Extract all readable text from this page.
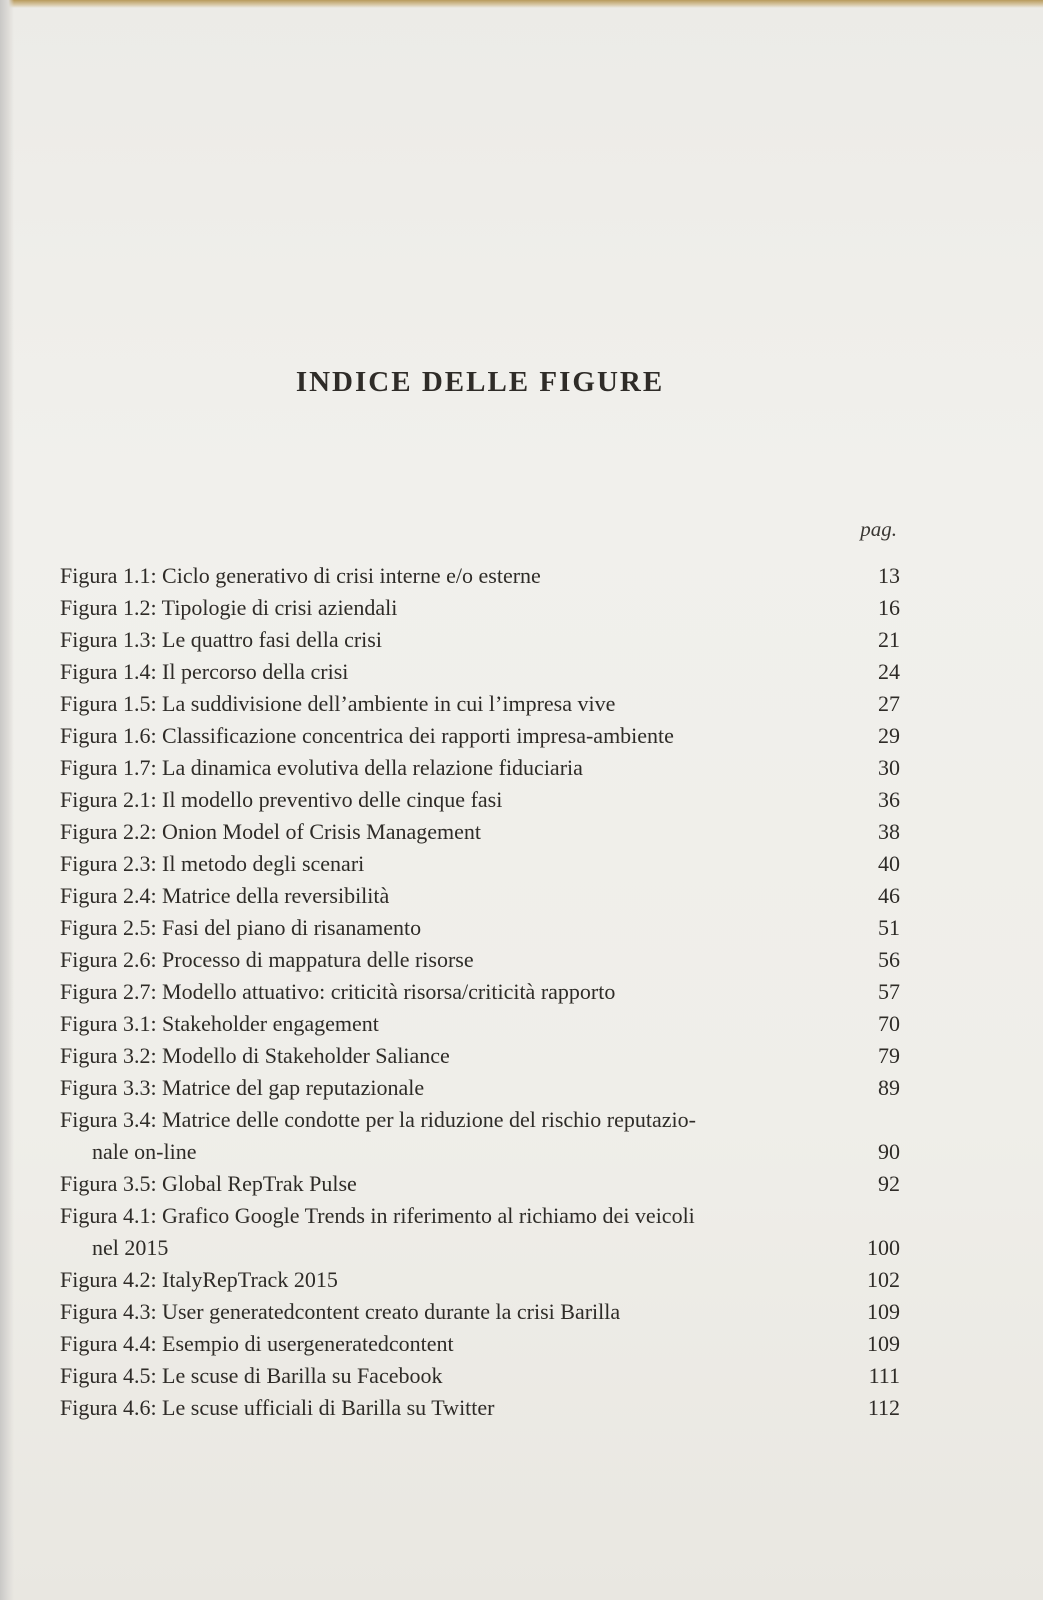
INDICE DELLE FIGURE
pag.
Figura 1.1: Ciclo generativo di crisi interne e/o esterne	13
Figura 1.2: Tipologie di crisi aziendali	16
Figura 1.3: Le quattro fasi della crisi	21
Figura 1.4: Il percorso della crisi	24
Figura 1.5: La suddivisione dell’ambiente in cui l’impresa vive	27
Figura 1.6: Classificazione concentrica dei rapporti impresa-ambiente	29
Figura 1.7: La dinamica evolutiva della relazione fiduciaria	30
Figura 2.1: Il modello preventivo delle cinque fasi	36
Figura 2.2: Onion Model of Crisis Management	38
Figura 2.3: Il metodo degli scenari	40
Figura 2.4: Matrice della reversibilità	46
Figura 2.5: Fasi del piano di risanamento	51
Figura 2.6: Processo di mappatura delle risorse	56
Figura 2.7: Modello attuativo: criticità risorsa/criticità rapporto	57
Figura 3.1: Stakeholder engagement	70
Figura 3.2: Modello di Stakeholder Saliance	79
Figura 3.3: Matrice del gap reputazionale	89
Figura 3.4: Matrice delle condotte per la riduzione del rischio reputazio-
nale on-line	90
Figura 3.5: Global RepTrak Pulse	92
Figura 4.1: Grafico Google Trends in riferimento al richiamo dei veicoli
nel 2015	100
Figura 4.2: ItalyRepTrack 2015	102
Figura 4.3: User generatedcontent creato durante la crisi Barilla	109
Figura 4.4: Esempio di usergeneratedcontent	109
Figura 4.5: Le scuse di Barilla su Facebook	111
Figura 4.6: Le scuse ufficiali di Barilla su Twitter	112
